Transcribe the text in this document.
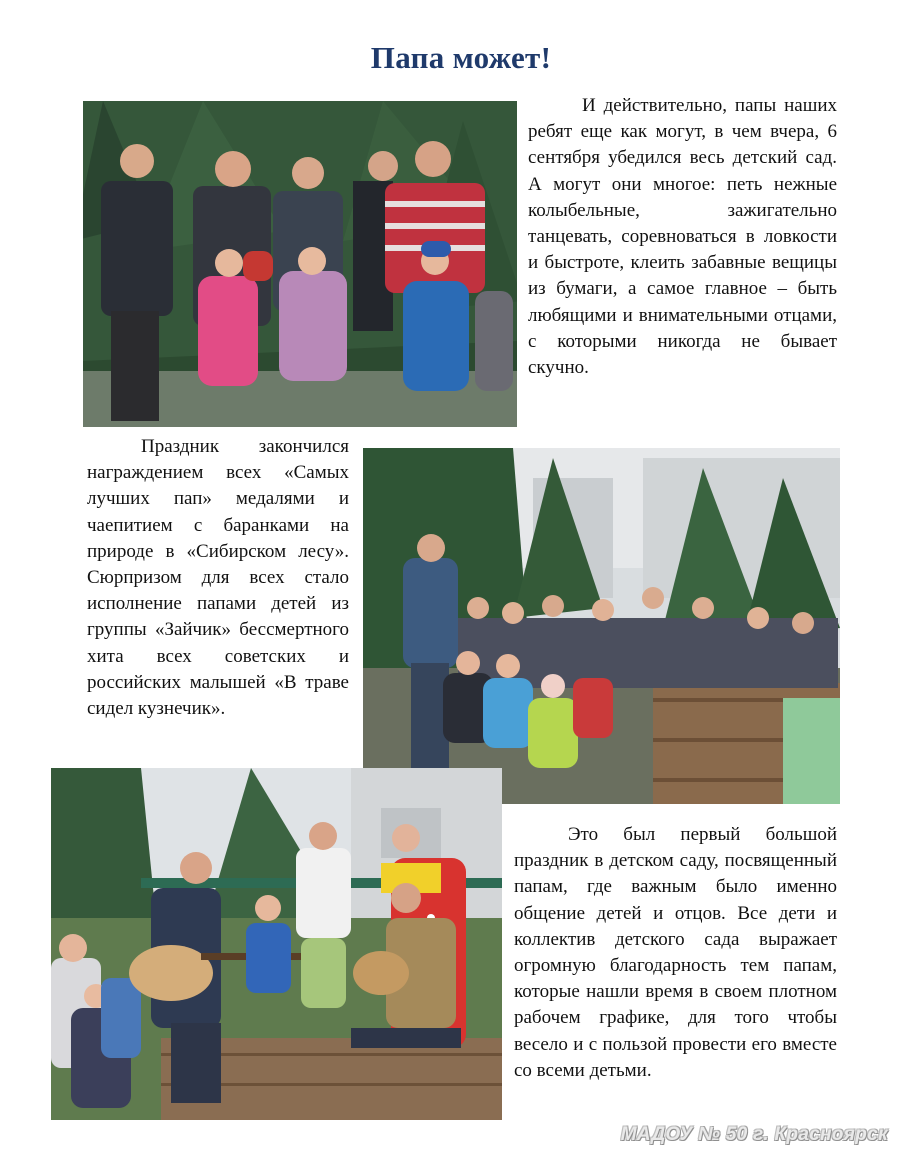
Папа может!

И действительно, папы наших ребят еще как могут, в чем вчера, 6 сентября убедился весь детский сад. А могут они многое: петь нежные колыбельные, зажигательно танцевать, соревноваться в ловкости и быстроте, клеить забавные вещицы из бумаги, а самое главное – быть любящими и внимательными отцами, с которыми никогда не бывает скучно.

Праздник закончился награждением всех «Самых лучших пап» медалями и чаепитием с баранками на природе в «Сибирском лесу». Сюрпризом для всех стало исполнение папами детей из группы «Зайчик» бессмертного хита всех советских и российских малышей «В траве сидел кузнечик».

Это был первый большой праздник в детском саду, посвященный папам, где важным было именно общение детей и отцов. Все дети и коллектив детского сада выражает огромную благодарность тем папам, которые нашли время в своем плотном рабочем графике, для того чтобы весело и с пользой провести его вместе со всеми детьми.

МАДОУ № 50 г. Красноярск
